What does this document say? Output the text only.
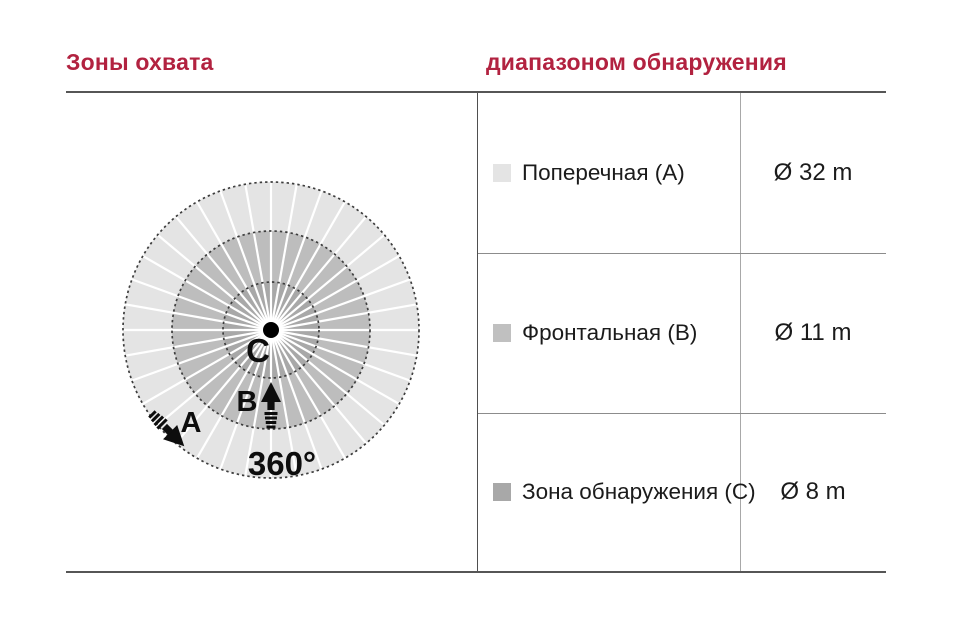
Зоны охвата	диапазоном обнаружения
C
B
A
360°
Поперечная (A)	Ø 32 m
Фронтальная (B)	Ø 11 m
Зона обнаружения (C) Ø 8 m
